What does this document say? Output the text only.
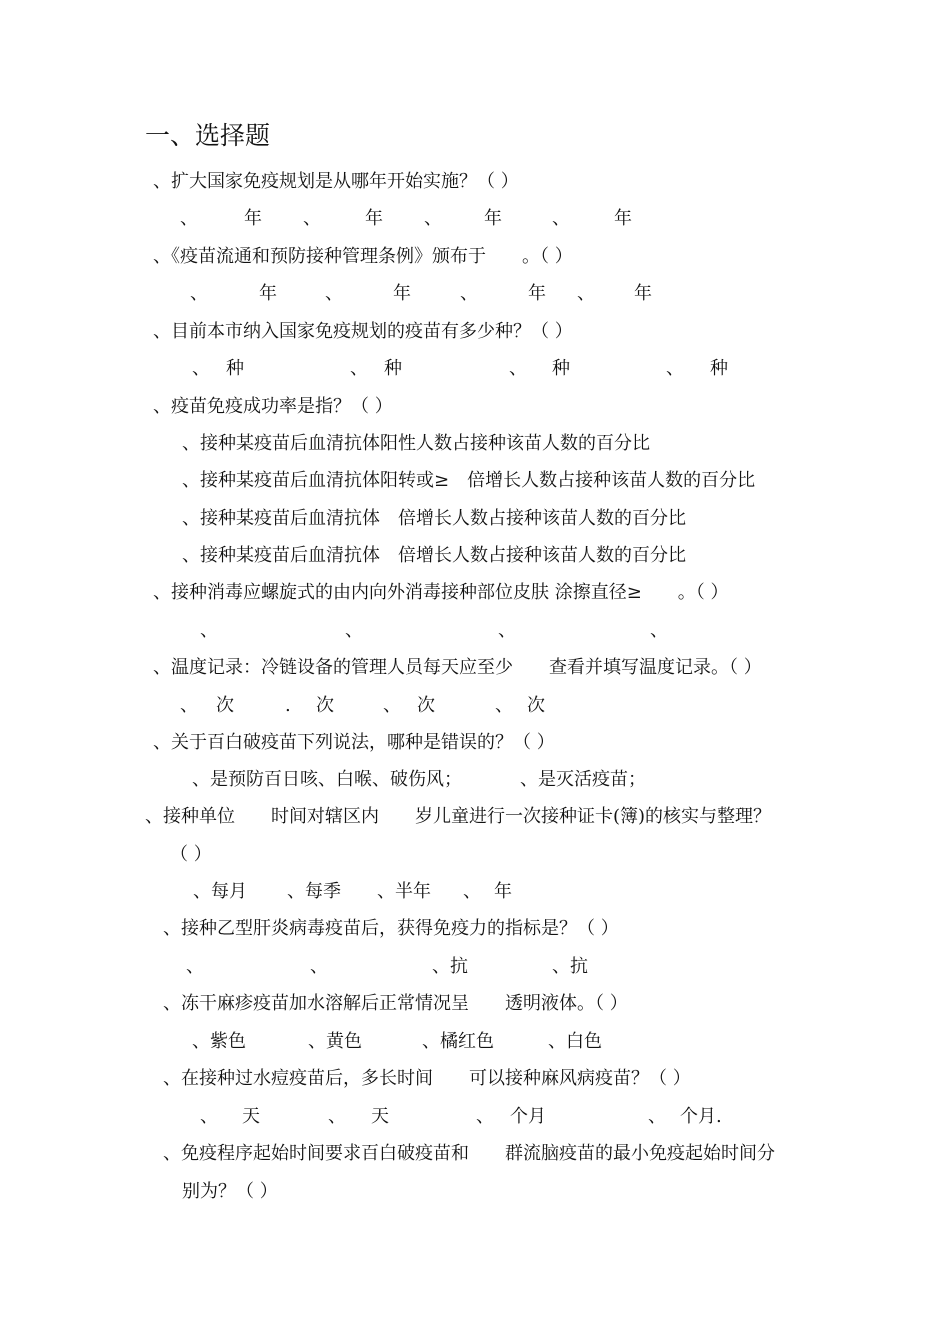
一、选择题
、扩大国家免疫规划是从哪年开始实施？（ ）
、	年 、 年 、 年	、 年
、《疫苗流通和预防接种管理条例》颁布于　　。（ ）
、	年	、	年	、	年 、 年
、目前本市纳入国家免疫规划的疫苗有多少种？（ ）
、 种	、 种	、 种	、 种
、疫苗免疫成功率是指？（ ）
、接种某疫苗后血清抗体阳性人数占接种该苗人数的百分比
、接种某疫苗后血清抗体阳转或≥　倍增长人数占接种该苗人数的百分比
、接种某疫苗后血清抗体　倍增长人数占接种该苗人数的百分比
、接种某疫苗后血清抗体　倍增长人数占接种该苗人数的百分比
、接种消毒应螺旋式的由内向外消毒接种部位皮肤 涂擦直径≥　　。（ ）
、	、	、	、
、温度记录：冷链设备的管理人员每天应至少　　查看并填写温度记录。（ ）
、 次	. 次	、 次	、 次
、关于百白破疫苗下列说法，哪种是错误的？（ ）
、是预防百日咳、白喉、破伤风；	、是灭活疫苗；
、接种单位　　时间对辖区内　　岁儿童进行一次接种证卡(簿)的核实与整理？
（ ）
、每月 、每季 、半年 、 年
、接种乙型肝炎病毒疫苗后，获得免疫力的指标是？（ ）
、	、	、抗	、抗
、冻干麻疹疫苗加水溶解后正常情况呈　　透明液体。（ ）
、紫色	、黄色	、橘红色	、白色
、在接种过水痘疫苗后，多长时间　　可以接种麻风病疫苗？（ ）
、 天	、 天	、 个月	、 个月.
、免疫程序起始时间要求百白破疫苗和　　群流脑疫苗的最小免疫起始时间分
别为？（ ）
